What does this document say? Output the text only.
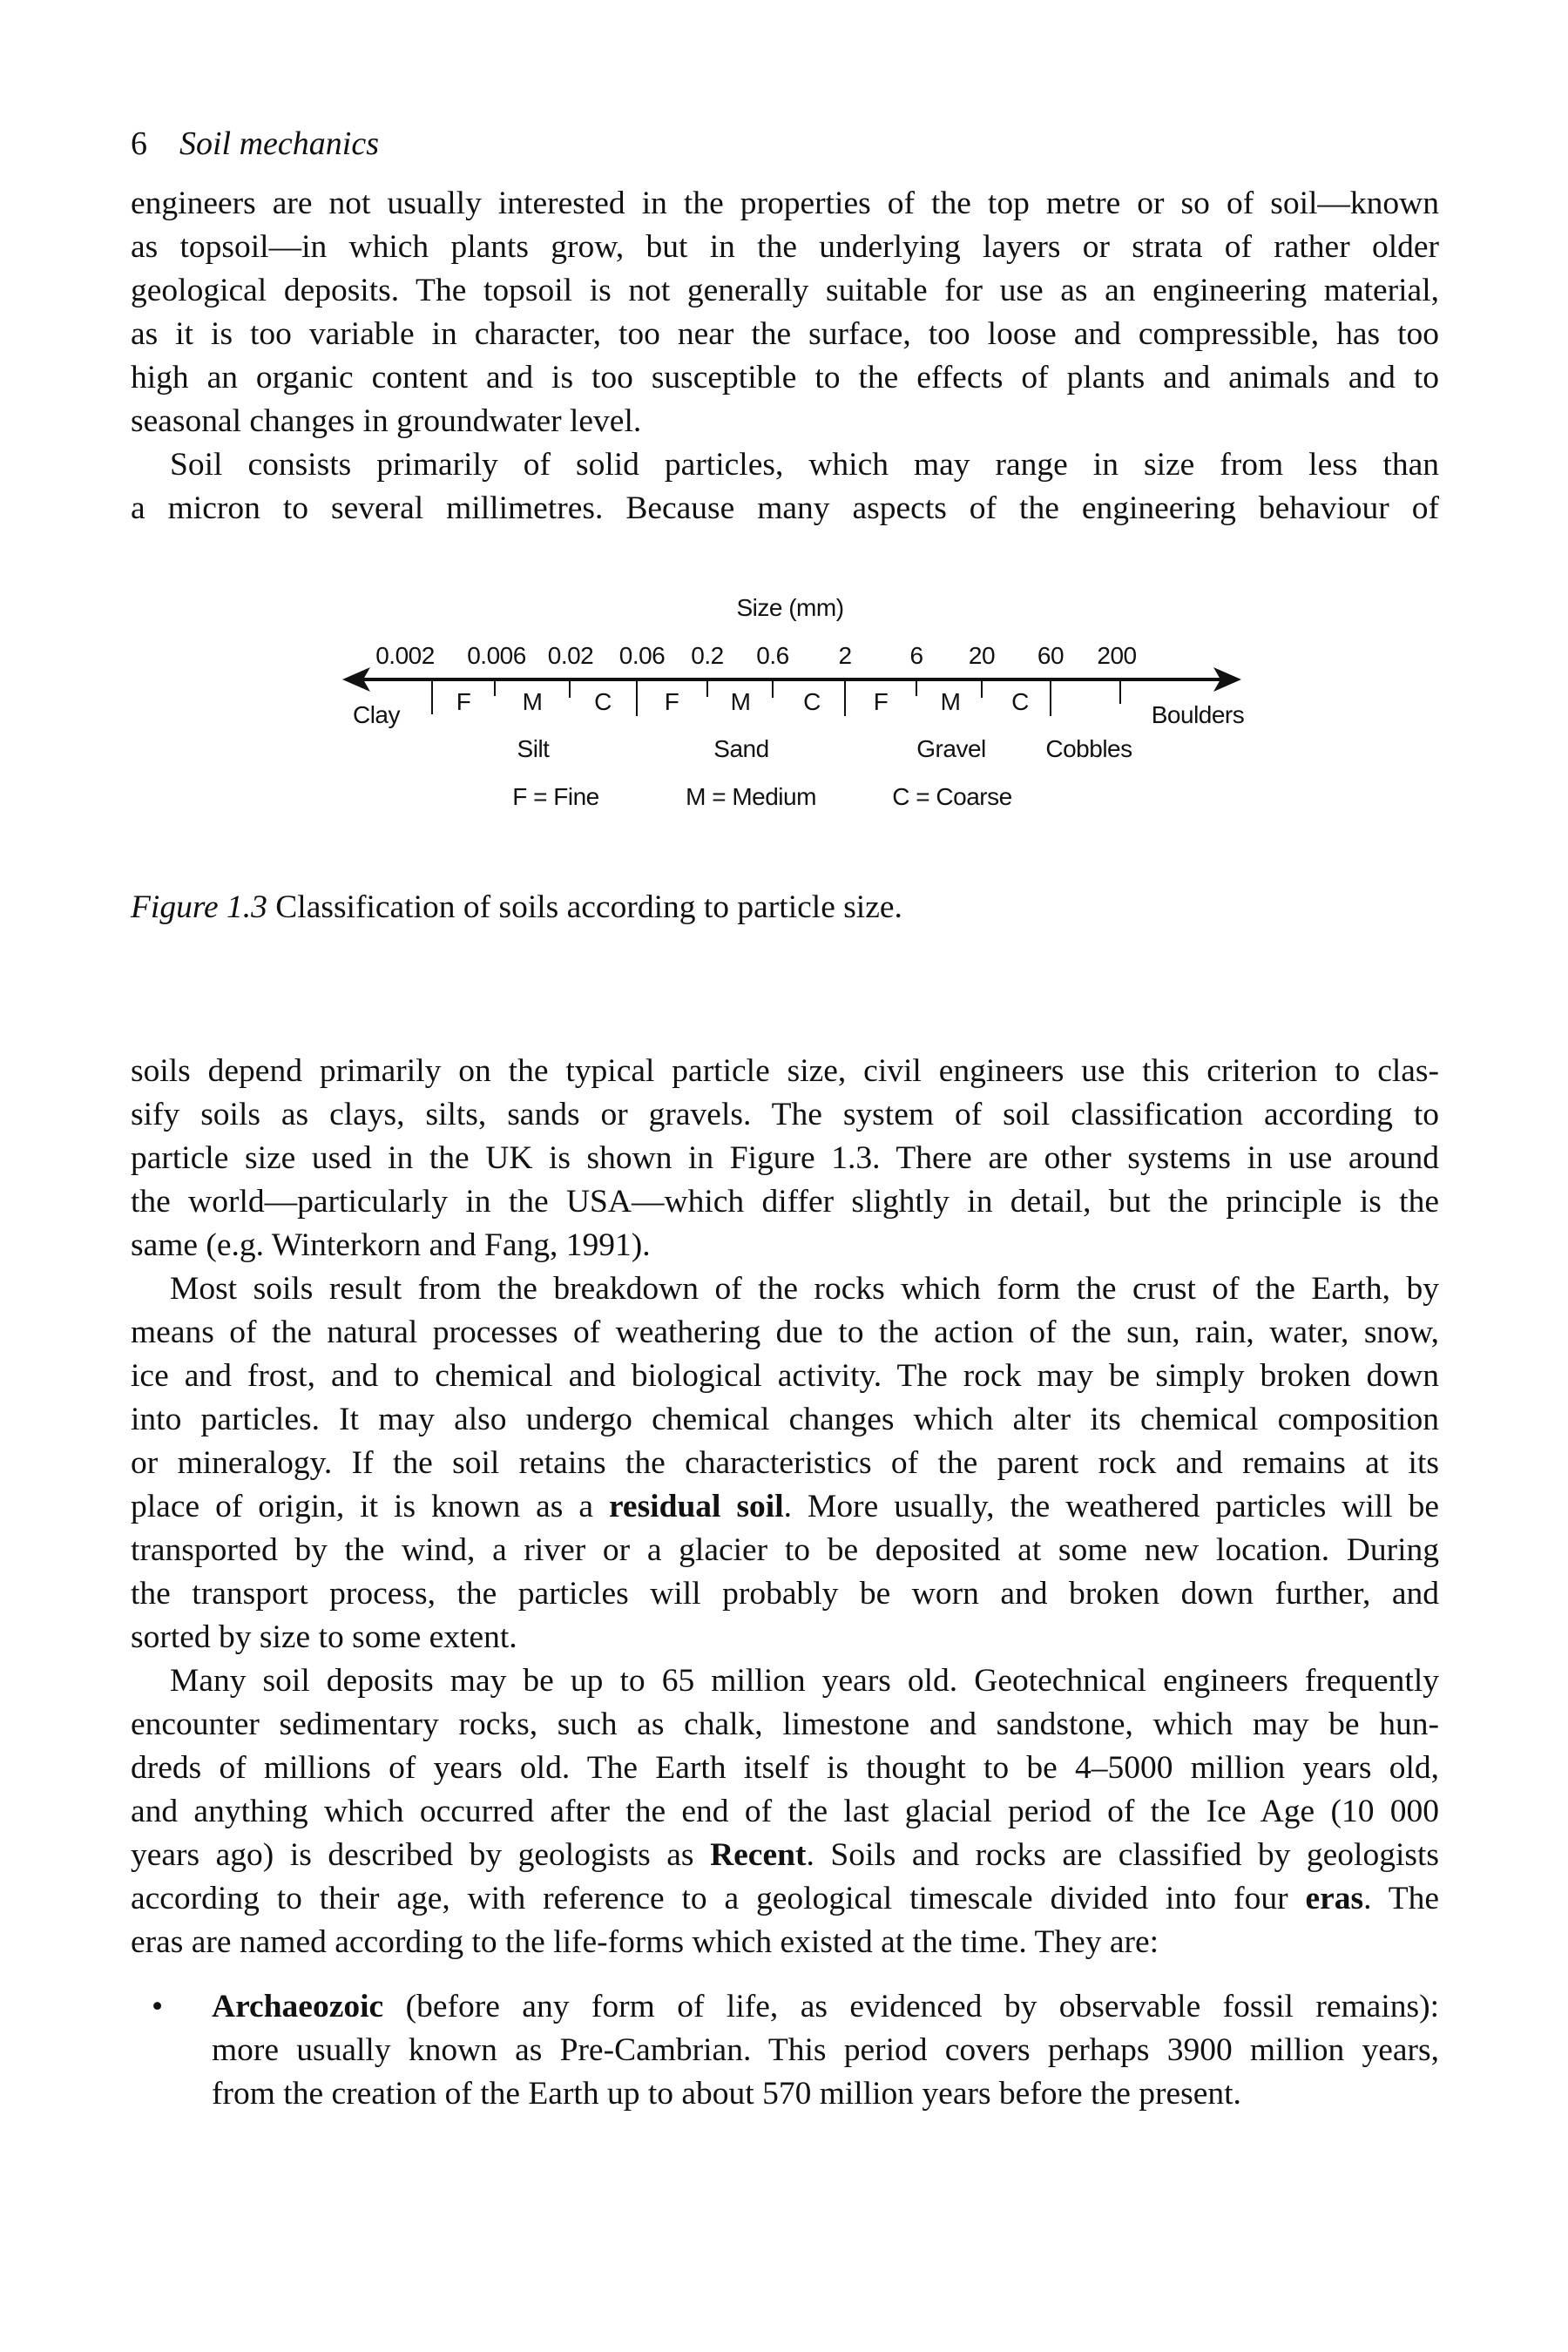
6 Soil mechanics
engineers are not usually interested in the properties of the top metre or so of soil—known
as topsoil—in which plants grow, but in the underlying layers or strata of rather older
geological deposits. The topsoil is not generally suitable for use as an engineering material,
as it is too variable in character, too near the surface, too loose and compressible, has too
high an organic content and is too susceptible to the effects of plants and animals and to
seasonal changes in groundwater level.
Soil consists primarily of solid particles, which may range in size from less than
a micron to several millimetres. Because many aspects of the engineering behaviour of
Size (mm)
0.002 0.006 0.02 0.06 0.2 0.6 2 6 20 60 200
F M C F M C F M C
Clay	Boulders
Silt	Sand	Gravel Cobbles
F = Fine	M = Medium	C = Coarse
Figure 1.3 Classification of soils according to particle size.
soils depend primarily on the typical particle size, civil engineers use this criterion to clas-
sify soils as clays, silts, sands or gravels. The system of soil classification according to
particle size used in the UK is shown in Figure 1.3. There are other systems in use around
the world—particularly in the USA—which differ slightly in detail, but the principle is the
same (e.g. Winterkorn and Fang, 1991).
Most soils result from the breakdown of the rocks which form the crust of the Earth, by
means of the natural processes of weathering due to the action of the sun, rain, water, snow,
ice and frost, and to chemical and biological activity. The rock may be simply broken down
into particles. It may also undergo chemical changes which alter its chemical composition
or mineralogy. If the soil retains the characteristics of the parent rock and remains at its
place of origin, it is known as a residual soil. More usually, the weathered particles will be
transported by the wind, a river or a glacier to be deposited at some new location. During
the transport process, the particles will probably be worn and broken down further, and
sorted by size to some extent.
Many soil deposits may be up to 65 million years old. Geotechnical engineers frequently
encounter sedimentary rocks, such as chalk, limestone and sandstone, which may be hun-
dreds of millions of years old. The Earth itself is thought to be 4–5000 million years old,
and anything which occurred after the end of the last glacial period of the Ice Age (10 000
years ago) is described by geologists as Recent. Soils and rocks are classified by geologists
according to their age, with reference to a geological timescale divided into four eras. The
eras are named according to the life-forms which existed at the time. They are:
• Archaeozoic (before any form of life, as evidenced by observable fossil remains):
more usually known as Pre-Cambrian. This period covers perhaps 3900 million years,
from the creation of the Earth up to about 570 million years before the present.
